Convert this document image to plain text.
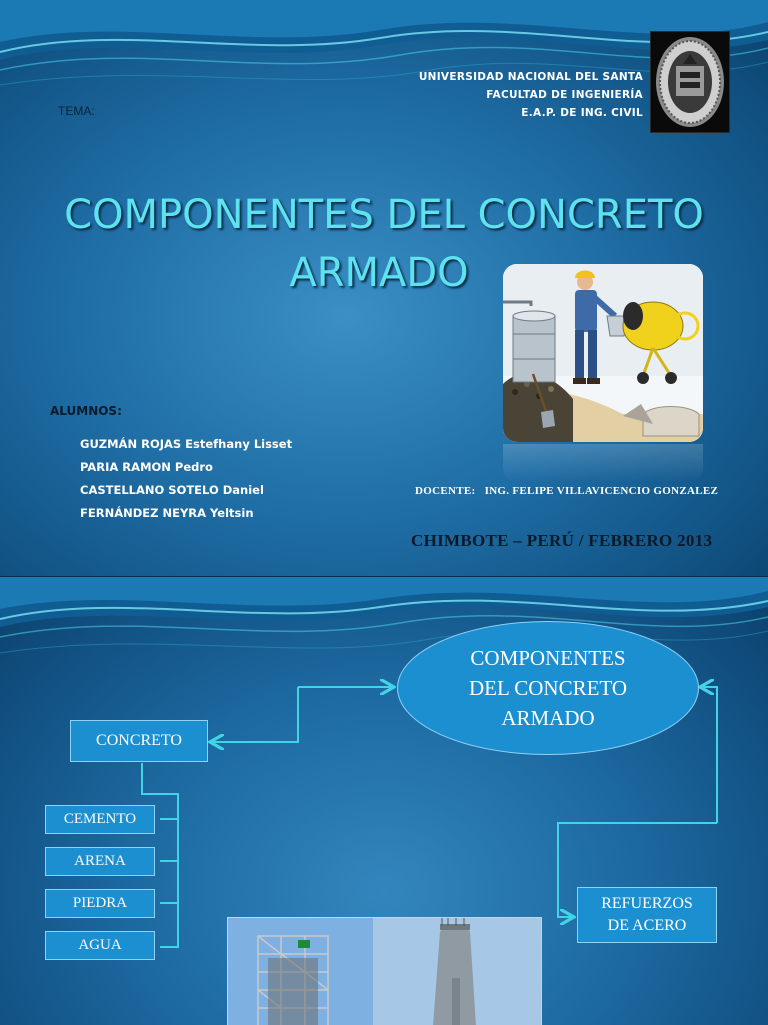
UNIVERSIDAD NACIONAL DEL SANTA
FACULTAD DE INGENIERÍA
E.A.P. DE ING. CIVIL
TEMA:
COMPONENTES DEL CONCRETO
ARMADO
ALUMNOS:
GUZMÁN ROJAS Estefhany Lisset
PARIA RAMON Pedro
CASTELLANO SOTELO Daniel
FERNÁNDEZ NEYRA Yeltsin
DOCENTE:   ING. FELIPE VILLAVICENCIO GONZALEZ
CHIMBOTE – PERÚ / FEBRERO 2013
COMPONENTES
DEL CONCRETO
ARMADO
CONCRETO
CEMENTO
ARENA
PIEDRA
AGUA
REFUERZOS
DE ACERO
